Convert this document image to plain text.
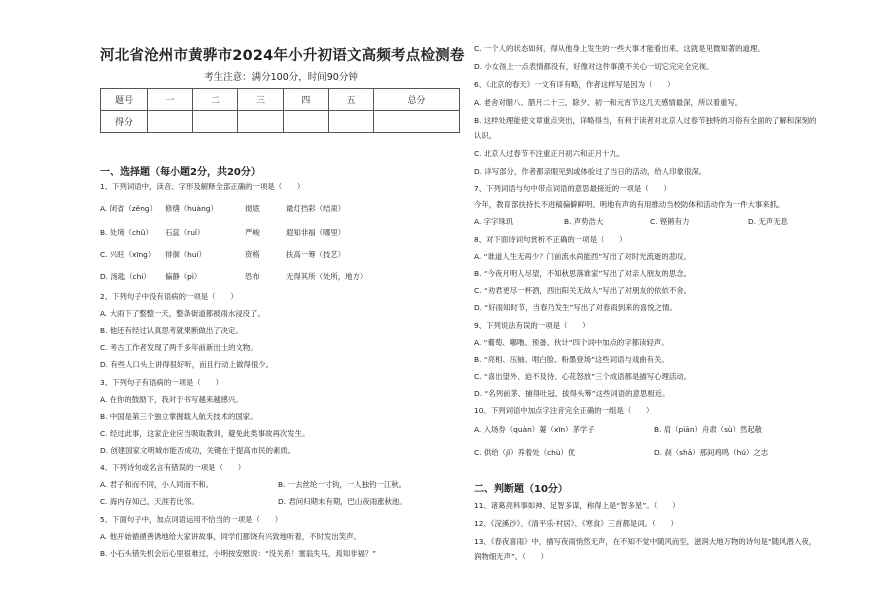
河北省沧州市黄骅市2024年小升初语文高频考点检测卷
考生注意：满分100分，时间90分钟
题号	一	二	三	四	五	总分
得分						
一、选择题（每小题2分，共20分）
1、下列词语中，读音、字形及解释全部正确的一项是（　　）
A. 闭省（zěng） 修缮（huàng）	彻底	最灯挡彩（结束）
B. 处境（chǔ） 石蕊（ruǐ）	严峻	遐知非福（哪里）
C. 兴旺（xīng） 徘徊（huí）	资格	扶高一筹（技艺）
D. 汤匙（chí） 偏静（pì）	恐布	无得其所（处所，地方）
2、下列句子中没有语病的一项是（　　）
A. 大雨下了整整一天，整条街道都被雨水浸没了。
B. 他还有经过认真思考就果断做出了决定。
C. 考古工作者发现了两千多年前新出土的文物。
D. 有些人口头上讲得很好听，而且行动上做得很少。
3、下列句子有语病的一项是（　　）
A. 在你的鼓励下，我对于书写越来越感兴。
B. 中国是第三个独立掌握载人航天技术的国家。
C. 经过此事，这家企业应当吸取教训，避免此类事故再次发生。
D. 创建国家文明城市能否成功，关键在于提高市民的素质。
4、下列诗句或名言有错误的一项是（　　）
A. 君子和而不同，小人同而不和。	B. 一去丝纶一寸钩，一人独钓一江秋。
C. 海内存知己，天涯若比邻。	D. 君问归期未有期，巴山夜雨涨秋池。
5、下面句子中，加点词语运用不恰当的一项是（　　）
A. 他开始循循善诱地给大家讲故事，同学们都饶有兴致地听着，不时发出笑声。
B. 小石头错失机会后心里很难过，小明按安慰说：“没关系！塞翁失马，焉知非福？”
C. 一个人的状态如何，得从他身上发生的一些大事才能看出来，这就是见微知著的道理。
D. 小女孩上一点表情都没有，好像对这件事漠不关心一切它完完全完视。
6、《北京的春天》一文有详有略，作者这样写是因为（　　）
A. 老舍对腊八、腊月二十三、除夕、初一和元宵节这几天感情最深，所以着重写。
B. 这样处理能使文章重点突出，详略得当，有利于读者对北京人过春节独特的习俗有全面的了解和深刻的
认识。
C. 北京人过春节不注重正月初六和正月十九。
D. 详写部分，作者都亲眼见到或体验过了当日的活动，给人印象很深。
7、下列词语与句中带点词语的意思最接近的一项是（　　）
今年，教育部扶持长不进稿偏僻鲜明、明地有声的有用推动当校防体和活动作为一件大事来抓。
A. 字字珠玑	B. 声势浩大	C. 铿锵有力	D. 无声无息
8、对下面诗词句赏析不正确的一项是（　　）
A. “谁道人生无再少？门前流水尚能西”写出了对时光流逝的悲叹。
B. “今夜月明人尽望，不知秋思落谁家”写出了对亲人朋友的思念。
C. “劝君更尽一杯酒，西出阳关无故人”写出了对朋友的依依不舍。
D. “好雨知时节，当春乃发生”写出了对春雨到来的喜悦之情。
9、下列说法有误的一项是（　　）
A. “葡萄、嘟噜、预备、伙计”四个词中加点的字都读轻声。
B. “亮相、压轴、唱白脸、粉墨登场”这些词语与戏曲有关。
C. “喜出望外、迫不及待、心花怒放”三个成语都是描写心理活动。
D. “名列前茅、捕得吐冠、拔得头筹”这些词语的意思相近。
10、下列词语中加点字注音完全正确的一组是（　　）
A. 入场券（quàn）萋（xīn）茅学子	B. 肩（piān）舟肃（sù）然起敬
C. 供给（jǐ）养着处（chù）优	D. 刹（shā）那间鸡鸣（hú）之志
二、判断题（10分）
11、诸葛亮料事如神、足智多谋，称得上是“智多星”。（　　）
12、《浣溪沙》、《清平乐·村居》、《寒食》三首都是词。（　　）
13、《春夜喜雨》中，描写夜雨悄然无声，在不知不觉中随风而至，滋润大地万物的诗句是“随风潜入夜，
润物细无声”。（　　）
